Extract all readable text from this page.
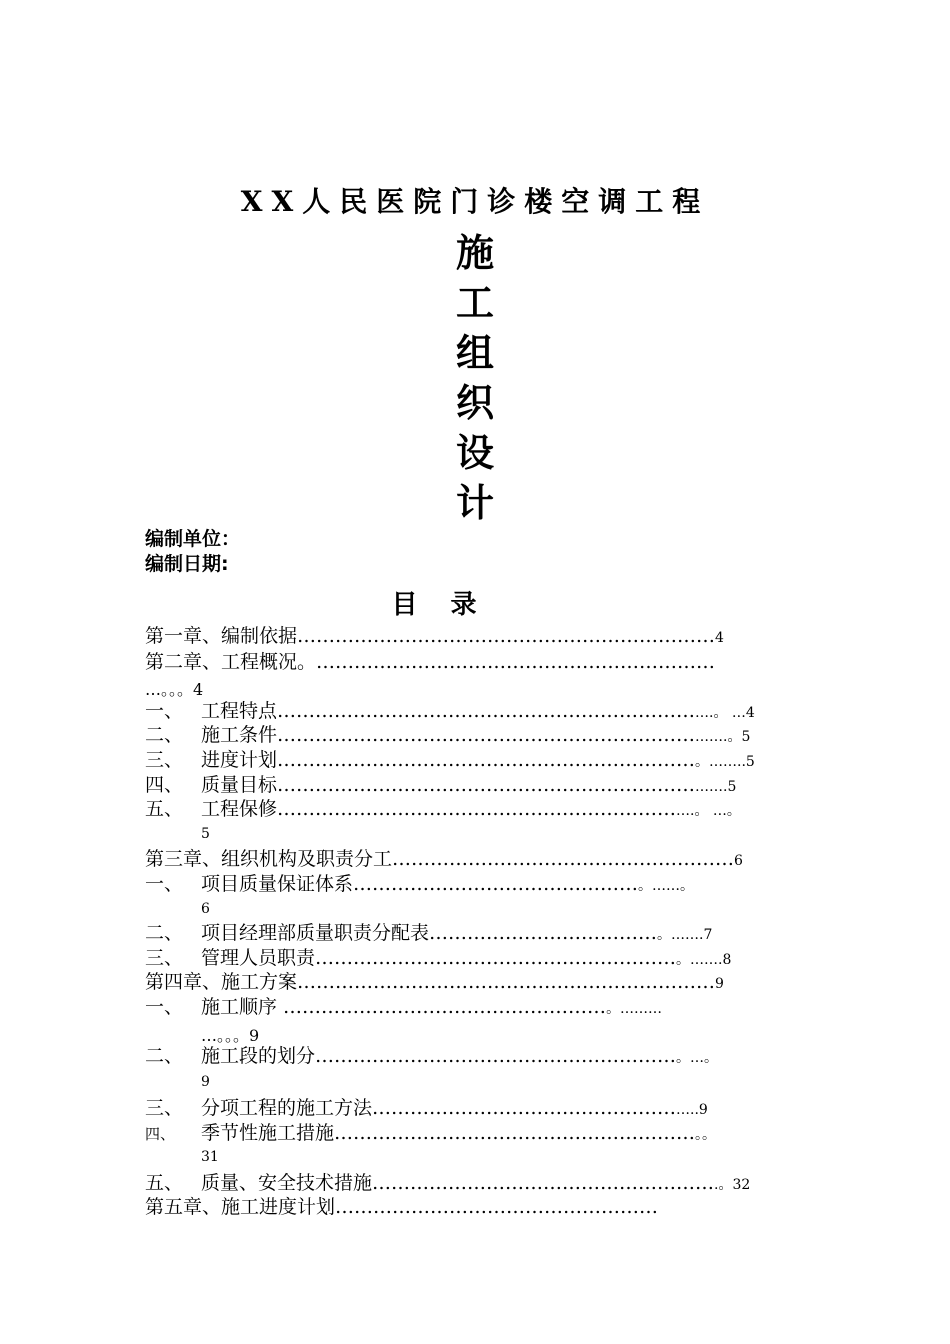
XX人民医院门诊楼空调工程
施
工
组
织
设
计
编制单位：
编制日期:
目 录
第一章、编制依据…………………………………………………………4
第二章、工程概况。………………………………………………………
…。。。4
一、 工程特点…………………………………………………………….。 …4
二、 施工条件……………………………………………………………….。5
三、 进度计划…………………………………………………………。……..5
四、 质量目标……………………………………………………………….5
五、 工程保修………………………………………………………….。 …。
5
第三章、组织机构及职责分工………………………………………………6
一、 项目质量保证体系………………………………………。……。
6
二、 项目经理部质量职责分配表………………………………。…….7
三、 管理人员职责…………………………………………………。…….8
第四章、施工方案…………………………………………………………9
一、 施工顺序 ……………………………………………。………
…。。。9
二、 施工段的划分…………………………………………………。…。
9
三、 分项工程的施工方法……………………………………………..9
四、 季节性施工措施…………………………………………………。。
31
五、 质量、安全技术措施……………………………………………….。32
第五章、施工进度计划……………………………………………
